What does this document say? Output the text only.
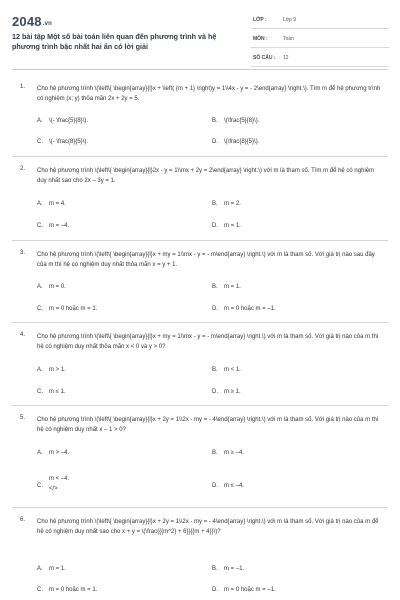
2048.vn
12 bài tập Một số bài toán liên quan đến phương trình và hệ phương trình bậc nhất hai ẩn có lời giải
LỚP :	Lớp 9
MÔN :	Toán
SỐ CÂU : 12
1. Cho hệ phương trình \(\left\{ \begin{array}{l}x + \left( {m + 1} \right)y = 1\\4x - y = - 2\end{array} \right.\). Tìm m để hệ phương trình có nghiệm (x; y) thỏa mãn 2x + 2y = 5.
A. \(- \frac{5}{8}\).	B. \(\frac{5}{8}\).
C. \(- \frac{8}{5}\).	D. \(\frac{8}{5}\).
2. Cho hệ phương trình \(\left\{ \begin{array}{l}2x - y = 1\\mx + 2y = 2\end{array} \right.\) với m là tham số. Tìm m để hệ có nghiệm duy nhất sao cho 2x – 3y = 1.
A. m = 4.	B. m = 2.
C. m = –4.	D. m = 1.
3. Cho hệ phương trình \(\left\{ \begin{array}{l}x + my = 1\\mx - y = - m\end{array} \right.\) với m là tham số. Với giá trị nào sau đây của m thì hệ có nghiệm duy nhất thỏa mãn x = y + 1.
A. m = 0.	B. m = 1.
C. m = 0 hoặc m = 1.	D. m = 0 hoặc m = –1.
4. Cho hệ phương trình \(\left\{ \begin{array}{l}x + my = 1\\mx - y = - m\end{array} \right.\) với m là tham số. Với giá trị nào của m thì hệ có nghiệm duy nhất thỏa mãn x < 0 và y > 0?
A. m > 1.	B. m < 1.
C. m ≤ 1.	D. m ≥ 1.
5. Cho hệ phương trình \(\left\{ \begin{array}{l}x + 2y = 1\\2x - my = - 4\end{array} \right.\) với m là tham số. Với giá trị nào của m thì hệ có nghiệm duy nhất x – 1 > 0?
A. m > –4.	B. m ≥ –4.
C.
m < –4.
</>	D. m ≤ –4.
6. Cho hệ phương trình \(\left\{ \begin{array}{l}x + 2y = 1\\2x - my = - 4\end{array} \right.\) với m là tham số. Với giá trị nào của m để hệ có nghiệm duy nhất sao cho x + y = \(\frac{{{m^2} + 6}}{{m + 4}}\)?
A. m = 1.	B. m = –1.
C. m = 0 hoặc m = 1.	D. m = 0 hoặc m = –1.
